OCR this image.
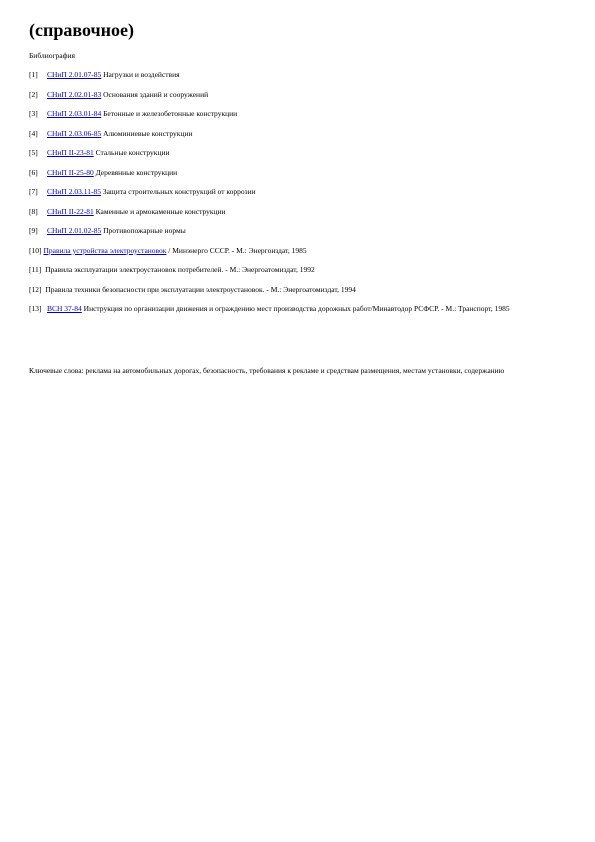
(справочное)

Библиография

[1] СНиП 2.01.07-85 Нагрузки и воздействия
[2] СНиП 2.02.01-83 Основания зданий и сооружений
[3] СНиП 2.03.01-84 Бетонные и железобетонные конструкции
[4] СНиП 2.03.06-85 Алюминиевые конструкции
[5] СНиП II-23-81 Стальные конструкции
[6] СНиП II-25-80 Деревянные конструкции
[7] СНиП 2.03.11-85 Защита строительных конструкций от коррозии
[8] СНиП II-22-81 Каменные и армокаменные конструкции
[9] СНиП 2.01.02-85 Противопожарные нормы
[10] Правила устройства электроустановок / Минэнерго СССР. - М.: Энергоиздат, 1985
[11] Правила эксплуатации электроустановок потребителей. - М.: Энергоатомиздат, 1992
[12] Правила техники безопасности при эксплуатации электроустановок. - М.: Энергоатомиздат, 1994
[13] ВСН 37-84 Инструкция по организации движения и ограждению мест производства дорожных работ/Минавтодор РСФСР. - М.: Транспорт, 1985

Ключевые слова: реклама на автомобильных дорогах, безопасность, требования к рекламе и средствам размещения, местам установки, содержанию
